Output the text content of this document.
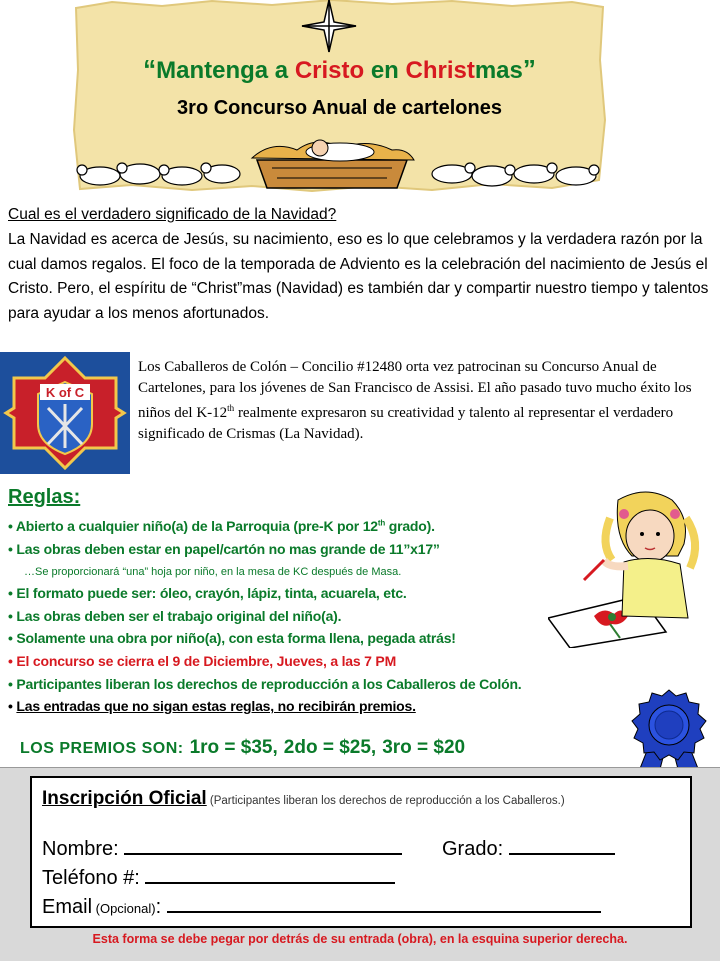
“Mantenga a Cristo en Christmas”
3ro Concurso Anual de cartelones
Cual es el verdadero significado de la Navidad?
La Navidad es acerca de Jesús, su nacimiento, eso es lo que celebramos y la verdadera razón por la cual damos regalos. El foco de la temporada de Adviento es la celebración del nacimiento de Jesús el Cristo. Pero, el espíritu de “Christ”mas (Navidad) es también dar y compartir nuestro tiempo y talentos para ayudar a los menos afortunados.
K of C
Los Caballeros de Colón – Concilio #12480 orta vez patrocinan su Concurso Anual de Cartelones, para los jóvenes de San Francisco de Assisi. El año pasado tuvo mucho éxito los niños del K-12th realmente expresaron su creatividad y talento al representar el verdadero significado de Crismas (La Navidad).
Reglas:
• Abierto a cualquier niño(a) de la Parroquia (pre-K por 12th grado).
• Las obras deben estar en papel/cartón no mas grande de 11”x17”
…Se proporcionará “una” hoja por niño, en la mesa de KC después de Masa.
• El formato puede ser: óleo, crayón, lápiz, tinta, acuarela, etc.
• Las obras deben ser el trabajo original del niño(a).
• Solamente una obra por niño(a), con esta forma llena, pegada atrás!
• El concurso se cierra el 9 de Diciembre, Jueves, a las 7 PM
• Participantes liberan los derechos de reproducción a los Caballeros de Colón.
• Las entradas que no sigan estas reglas, no recibirán premios.
LOS PREMIOS SON: 1ro = $35, 2do = $25, 3ro = $20
Inscripción Oficial (Participantes liberan los derechos de reproducción a los Caballeros.)
Nombre:	Grado:
Teléfono #:
Email (Opcional):
Esta forma se debe pegar por detrás de su entrada (obra), en la esquina superior derecha.
